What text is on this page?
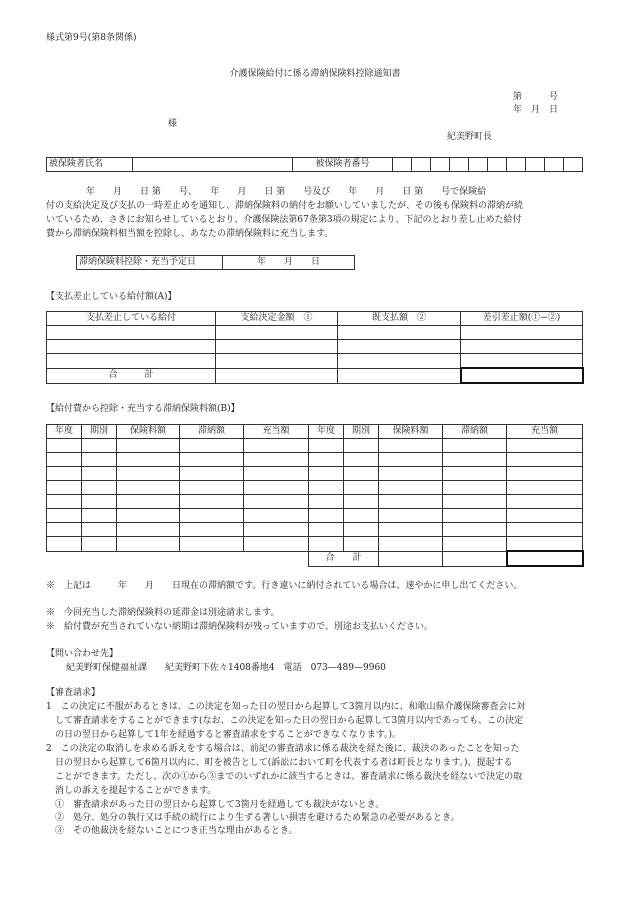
様式第9号(第8条関係)
介護保険給付に係る滞納保険料控除通知書
第　　　号
年　月　日
様
紀美野町長
被保険者氏名		被保険者番号										
年　　月　　日 第　　号、　　年　　月　　日 第　　号及び　　年　　月　　日 第　　号で保険給
付の支給決定及び支払の一時差止めを通知し、滞納保険料の納付をお願いしていましたが、その後も保険料の滞納が続
いているため、さきにお知らせしているとおり、介護保険法第67条第3項の規定により、下記のとおり差し止めた給付
費から滞納保険料相当額を控除し、あなたの滞納保険料に充当します。
滞納保険料控除・充当予定日	年　　月　　日
【支払差止している給付額(A)】
支払差止している給付	支給決定金額　①	既支払額　②	差引差止額(①−②)

合　　　計			
【給付費から控除・充当する滞納保険料額(B)】
年度	期別	保険料額	滞納額	充当額	年度	期別	保険料額	滞納額	充当額

					合　　計				
※　 上記は　　　年　　月　　日現在の滞納額です。行き違いに納付されている場合は、速やかに申し出てください。
※　 今回充当した滞納保険料の延滞金は別途請求します。
※　 給付費が充当されていない納期は滞納保険料が残っていますので、別途お支払いください。
【問い合わせ先】
紀美野町保健福祉課　　紀美野町下佐々1408番地4　電話　073—489—9960
【審査請求】
1　この決定に不服があるときは、この決定を知った日の翌日から起算して3箇月以内に、和歌山県介護保険審査会に対
　して審査請求をすることができます(なお、この決定を知った日の翌日から起算して3箇月以内であっても、この決定
　の日の翌日から起算して1年を経過すると審査請求をすることができなくなります。)。
2　この決定の取消しを求める訴えをする場合は、前記の審査請求に係る裁決を経た後に、裁決のあったことを知った
　日の翌日から起算して6箇月以内に、町を被告として(訴訟において町を代表する者は町長となります。)、提起する
　ことができます。ただし、次の①から③までのいずれかに該当するときは、審査請求に係る裁決を経ないで決定の取
　消しの訴えを提起することができます。
　①　審査請求があった日の翌日から起算して3箇月を経過しても裁決がないとき。
　②　処分、処分の執行又は手続の続行により生ずる著しい損害を避けるため緊急の必要があるとき。
　③　その他裁決を経ないことにつき正当な理由があるとき。
